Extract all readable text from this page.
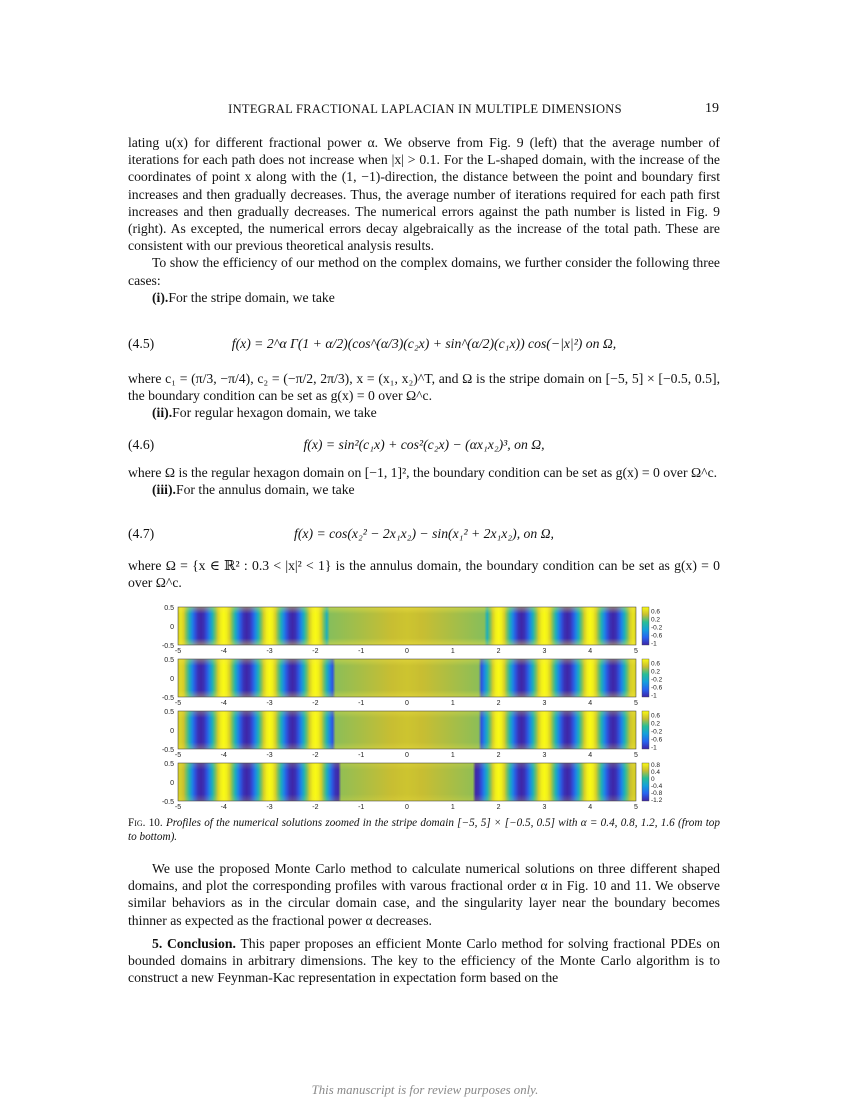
INTEGRAL FRACTIONAL LAPLACIAN IN MULTIPLE DIMENSIONS	19

lating u(x) for different fractional power α. We observe from Fig. 9 (left) that the average number of iterations for each path does not increase when |x| > 0.1. For the L-shaped domain, with the increase of the coordinates of point x along with the (1, −1)-direction, the distance between the point and boundary first increases and then gradually decreases. Thus, the average number of iterations required for each path first increases and then gradually decreases. The numerical errors against the path number is listed in Fig. 9 (right). As excepted, the numerical errors decay algebraically as the increase of the total path. These are consistent with our previous theoretical analysis results.

To show the efficiency of our method on the complex domains, we further consider the following three cases:

(i).For the stripe domain, we take

(4.5)	f(x) = 2^α Γ(1 + α/2)(cos^(α/3)(c₂x) + sin^(α/2)(c₁x)) cos(−|x|²) on Ω,

where c₁ = (π/3, −π/4), c₂ = (−π/2, 2π/3), x = (x₁, x₂)^T, and Ω is the stripe domain on [−5, 5] × [−0.5, 0.5], the boundary condition can be set as g(x) = 0 over Ω^c.

(ii).For regular hexagon domain, we take

(4.6)	f(x) = sin²(c₁x) + cos²(c₂x) − (αx₁x₂)³, on Ω,

where Ω is the regular hexagon domain on [−1, 1]², the boundary condition can be set as g(x) = 0 over Ω^c.

(iii).For the annulus domain, we take

(4.7)	f(x) = cos(x₂² − 2x₁x₂) − sin(x₁² + 2x₁x₂), on Ω,

where Ω = {x ∈ ℝ² : 0.3 < |x|² < 1} is the annulus domain, the boundary condition can be set as g(x) = 0 over Ω^c.

0.5
0
-0.5
-5	-4	-3	-2	-1	0	1	2	3	4	5
0.6
0.2
-0.2
-0.6
-1
0.5
0
-0.5
-5	-4	-3	-2	-1	0	1	2	3	4	5
0.6
0.2
-0.2
-0.6
-1
0.5
0
-0.5
-5	-4	-3	-2	-1	0	1	2	3	4	5
0.6
0.2
-0.2
-0.6
-1
0.5
0
-0.5
-5	-4	-3	-2	-1	0	1	2	3	4	5
0.8
0.4
0
-0.4
-0.8
-1.2
Fig. 10. Profiles of the numerical solutions zoomed in the stripe domain [−5, 5] × [−0.5, 0.5] with α = 0.4, 0.8, 1.2, 1.6 (from top to bottom).

We use the proposed Monte Carlo method to calculate numerical solutions on three different shaped domains, and plot the corresponding profiles with varous fractional order α in Fig. 10 and 11. We observe similar behaviors as in the circular domain case, and the singularity layer near the boundary becomes thinner as expected as the fractional power α decreases.

5. Conclusion. This paper proposes an efficient Monte Carlo method for solving fractional PDEs on bounded domains in arbitrary dimensions. The key to the efficiency of the Monte Carlo algorithm is to construct a new Feynman-Kac representation in expectation form based on the

This manuscript is for review purposes only.
